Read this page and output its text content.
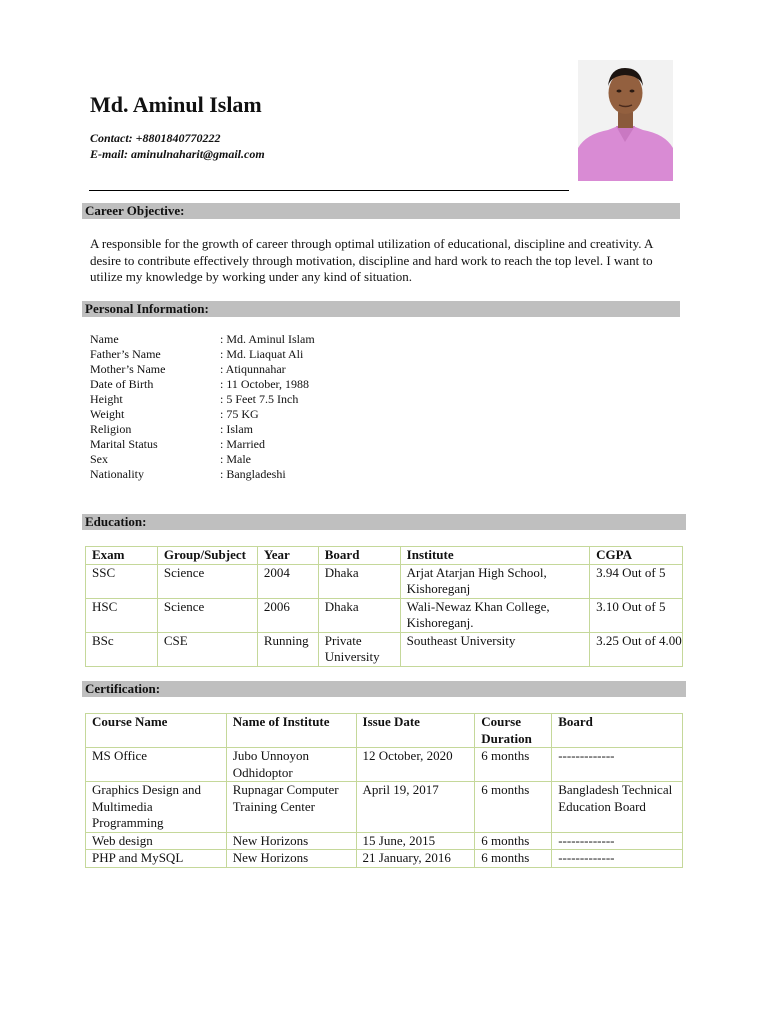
Md. Aminul Islam
Contact: +8801840770222
E-mail: aminulnaharit@gmail.com
Career Objective:
A responsible for the growth of career through optimal utilization of educational, discipline and creativity. A desire to contribute effectively through motivation, discipline and hard work to reach the top level. I want to utilize my knowledge by working under any kind of situation.
Personal Information:
Name	: Md. Aminul Islam
Father’s Name	: Md. Liaquat Ali
Mother’s Name	: Atiqunnahar
Date of Birth	: 11 October, 1988
Height	: 5 Feet 7.5 Inch
Weight	: 75 KG
Religion	: Islam
Marital Status	: Married
Sex	: Male
Nationality	: Bangladeshi
Education:
Exam	Group/Subject	Year	Board	Institute	CGPA
SSC	Science	2004	Dhaka	Arjat Atarjan High School, Kishoreganj	3.94 Out of 5
HSC	Science	2006	Dhaka	Wali-Newaz Khan College, Kishoreganj.	3.10 Out of 5
BSc	CSE	Running	Private University	Southeast University	3.25 Out of 4.00
Certification:
Course Name	Name of Institute	Issue Date	Course Duration	Board
MS Office	Jubo Unnoyon Odhidoptor	12 October, 2020	6 months	-------------
Graphics Design and Multimedia Programming	Rupnagar Computer Training Center	April 19, 2017	6 months	Bangladesh Technical Education Board
Web design	New Horizons	15 June, 2015	6 months	-------------
PHP and MySQL	New Horizons	21 January, 2016	6 months	-------------
